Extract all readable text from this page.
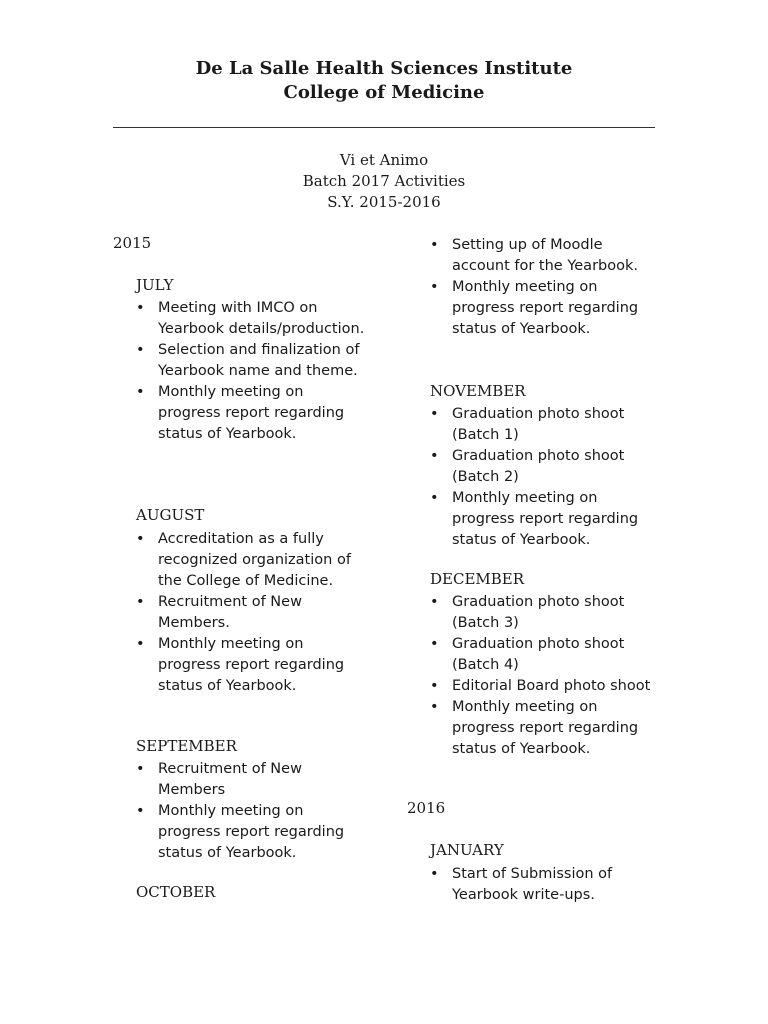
De La Salle Health Sciences Institute
College of Medicine
Vi et Animo
Batch 2017 Activities
S.Y. 2015-2016
2015
JULY
• Meeting with IMCO on Yearbook details/production.
• Selection and finalization of Yearbook name and theme.
• Monthly meeting on progress report regarding status of Yearbook.
AUGUST
• Accreditation as a fully recognized organization of the College of Medicine.
• Recruitment of New Members.
• Monthly meeting on progress report regarding status of Yearbook.
SEPTEMBER
• Recruitment of New Members
• Monthly meeting on progress report regarding status of Yearbook.
OCTOBER
• Setting up of Moodle account for the Yearbook.
• Monthly meeting on progress report regarding status of Yearbook.
NOVEMBER
• Graduation photo shoot (Batch 1)
• Graduation photo shoot (Batch 2)
• Monthly meeting on progress report regarding status of Yearbook.
DECEMBER
• Graduation photo shoot (Batch 3)
• Graduation photo shoot (Batch 4)
• Editorial Board photo shoot
• Monthly meeting on progress report regarding status of Yearbook.
2016
JANUARY
• Start of Submission of Yearbook write-ups.
